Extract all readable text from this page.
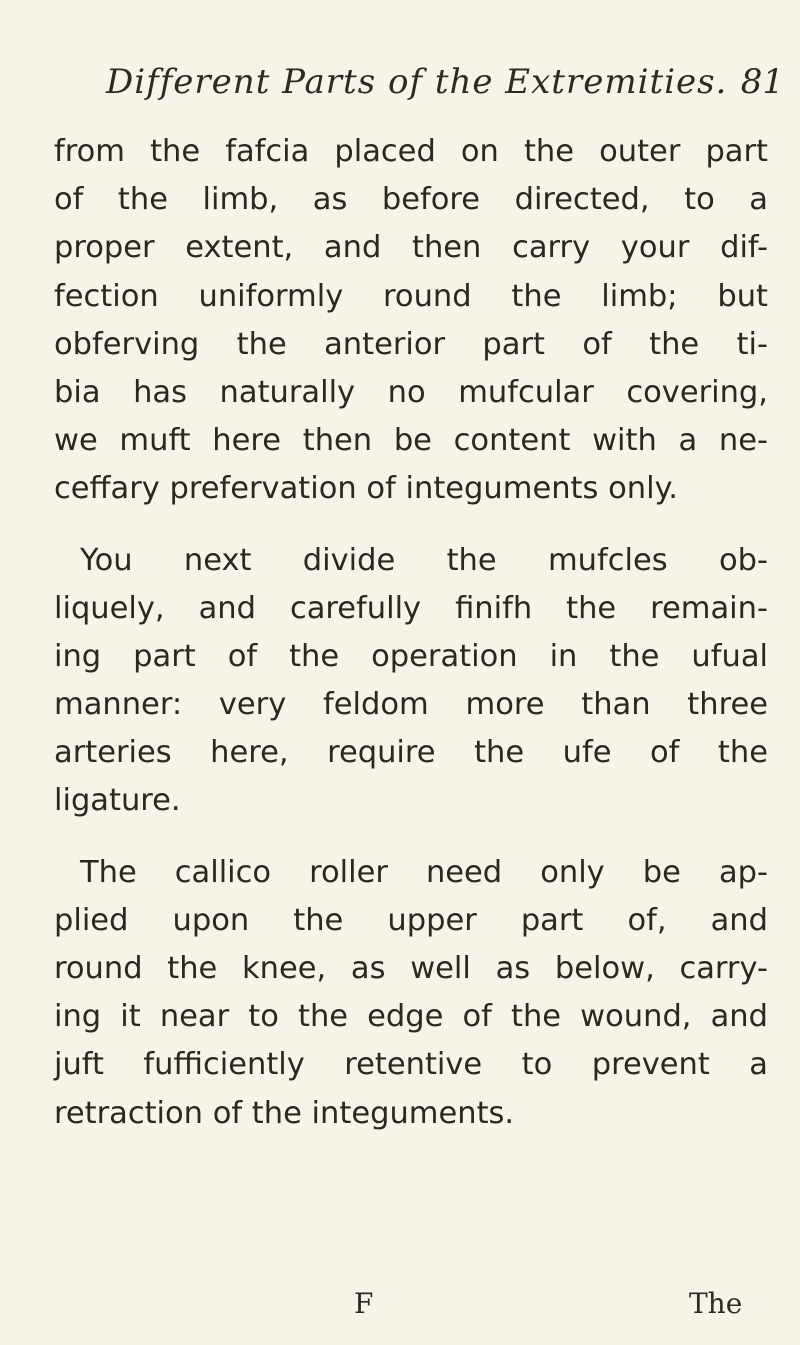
Different Parts of the Extremities. 81
from the fafcia placed on the outer part
of the limb, as before directed, to a
proper extent, and then carry your dif-
fection uniformly round the limb; but
obferving the anterior part of the ti-
bia has naturally no mufcular covering,
we muft here then be content with a ne-
ceffary prefervation of integuments only.
You next divide the mufcles ob-
liquely, and carefully finifh the remain-
ing part of the operation in the ufual
manner: very feldom more than three
arteries here, require the ufe of the
ligature.
The callico roller need only be ap-
plied upon the upper part of, and
round the knee, as well as below, carry-
ing it near to the edge of the wound, and
juft fufficiently retentive to prevent a
retraction of the integuments.
F	The
